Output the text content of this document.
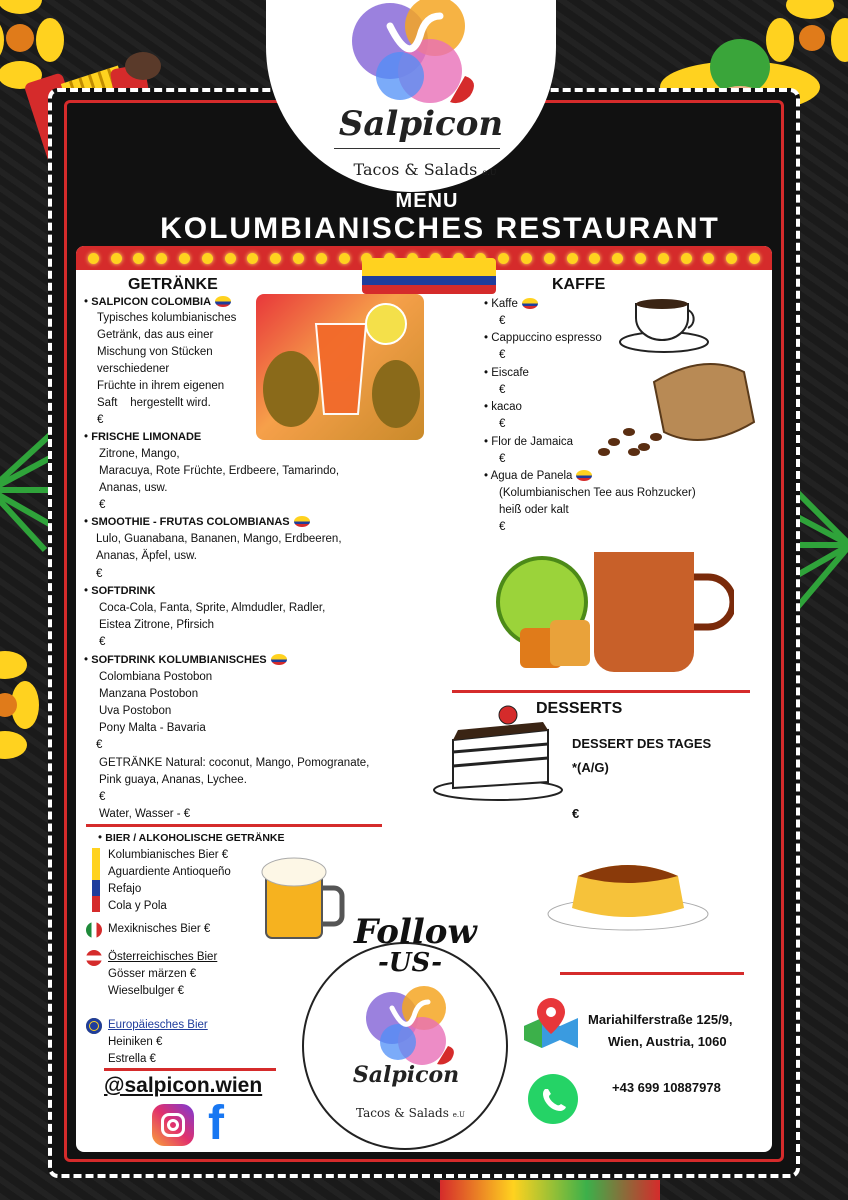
Salpicon
Tacos & Salads e.U
MENU
KOLUMBIANISCHES RESTAURANT
GETRÄNKE
• SALPICON COLOMBIA
Typisches kolumbianisches
Getränk, das aus einer
Mischung von Stücken
verschiedener
Früchte in ihrem eigenen
Saft    hergestellt wird.
€
• FRISCHE LIMONADE
Zitrone, Mango,
Maracuya, Rote Früchte, Erdbeere, Tamarindo,
Ananas, usw.
€
• SMOOTHIE - FRUTAS COLOMBIANAS
Lulo, Guanabana, Bananen, Mango, Erdbeeren,
Ananas, Äpfel, usw.
€
• SOFTDRINK
Coca-Cola, Fanta, Sprite, Almdudler, Radler,
Eistea Zitrone, Pfirsich
€
• SOFTDRINK KOLUMBIANISCHES
Colombiana Postobon
Manzana Postobon
Uva Postobon
Pony Malta - Bavaria
€
GETRÄNKE Natural: coconut, Mango, Pomogranate,
Pink guaya, Ananas, Lychee.
€
Water, Wasser - €
• BIER / ALKOHOLISCHE GETRÄNKE
Kolumbianisches Bier €
Aguardiente Antioqueño
Refajo
Cola y Pola
Mexiknisches Bier €
Österreichisches Bier
Gösser märzen €
Wieselbulger €
Europäiesches Bier
Heiniken €
Estrella €
@salpicon.wien
f
Follow
-US-
Salpicon
Tacos & Salads e.U
KAFFE
• Kaffe
€
• Cappuccino espresso
€
• Eiscafe
€
• kacao
€
• Flor de Jamaica
€
• Agua de Panela
(Kolumbianischen Tee aus Rohzucker)
heiß oder kalt
€
DESSERTS
DESSERT DES TAGES
*(A/G)
€
Mariahilferstraße 125/9,
Wien, Austria, 1060
+43 699 10887978
